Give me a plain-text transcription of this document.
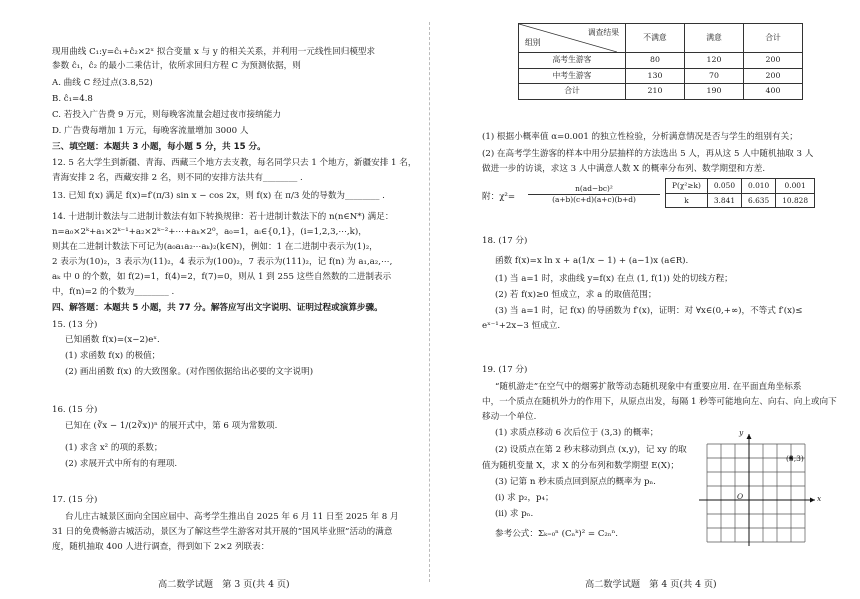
现用曲线 C₁:y=ĉ₁+ĉ₂×2ˣ 拟合变量 x 与 y 的相关关系，并利用一元线性回归模型求
参数 ĉ₁，ĉ₂ 的最小二乘估计，依所求回归方程 C 为预测依据，则
A. 曲线 C 经过点(3.8,52)
B. ĉ₁=4.8
C. 若投入广告费 9 万元，则每晚客流量会超过夜市接纳能力
D. 广告费每增加 1 万元，每晚客流量增加 3000 人
三、填空题：本题共 3 小题，每小题 5 分，共 15 分。
12. 5 名大学生到新疆、青海、西藏三个地方去支教，每名同学只去 1 个地方，新疆安排 1 名，
青海安排 2 名，西藏安排 2 名，则不同的安排方法共有________ .
13. 已知 f(x) 满足 f(x)=f′(π/3) sin x − cos 2x，则 f(x) 在 π/3 处的导数为________ .
14. 十进制计数法与二进制计数法有如下转换规律：若十进制计数法下的 n(n∈N*) 满足：
n=a₀×2ᵏ+a₁×2ᵏ⁻¹+a₂×2ᵏ⁻²+⋯+aₖ×2⁰，a₀=1，aᵢ∈{0,1}，(i=1,2,3,⋯,k)，
则其在二进制计数法下可记为(a₀a₁a₂⋯aₖ)₂(k∈N)，例如：1 在二进制中表示为(1)₂，
2 表示为(10)₂，3 表示为(11)₂，4 表示为(100)₂，7 表示为(111)₂，记 f(n) 为 a₁,a₂,⋯,
aₖ 中 0 的个数，如 f(2)=1，f(4)=2，f(7)=0，则从 1 到 255 这些自然数的二进制表示
中，f(n)=2 的个数为________ .
四、解答题：本题共 5 小题，共 77 分。解答应写出文字说明、证明过程或演算步骤。
15. (13 分)
已知函数 f(x)=(x−2)eˣ.
(1) 求函数 f(x) 的极值；
(2) 画出函数 f(x) 的大致图象。(对作图依据给出必要的文字说明)
16. (15 分)
已知在 (∛x − 1/(2∛x))ⁿ 的展开式中，第 6 项为常数项.
(1) 求含 x² 的项的系数；
(2) 求展开式中所有的有理项.
17. (15 分)
台儿庄古城景区面向全国应届中、高考学生推出自 2025 年 6 月 11 日至 2025 年 8 月
31 日的免费畅游古城活动，景区为了解这些学生游客对其开展的“国风毕业照”活动的满意
度，随机抽取 400 人进行调查，得到如下 2×2 列联表：
高二数学试题　第 3 页(共 4 页)
调查结果
组别	不满意	满意	合计
高考生游客	80	120	200
中考生游客	130	70	200
合计	210	190	400
(1) 根据小概率值 α=0.001 的独立性检验，分析满意情况是否与学生的组别有关；
(2) 在高考学生游客的样本中用分层抽样的方法选出 5 人，再从这 5 人中随机抽取 3 人
做进一步的访谈，求这 3 人中满意人数 X 的概率分布列、数学期望和方差.
附：$\chi^2= \frac{\text{n(ad−bc)²}}{(a+b)(c+d)(a+c)(b+d)} P(\chi^2\ge k)$	0.050	0.010	0.001
k	3.841	6.635	10.828
18. (17 分)
函数 f(x)=x ln x + a(1/x − 1) + (a−1)x (a∈R).
(1) 当 a=1 时，求曲线 y=f(x) 在点 (1, f(1)) 处的切线方程；
(2) 若 f(x)≥0 恒成立，求 a 的取值范围；
(3) 当 a=1 时，记 f(x) 的导函数为 f′(x)，证明：对 ∀x∈(0,+∞)，不等式 f′(x)≤
eˣ⁻¹+2x−3 恒成立.
19. (17 分)
“随机游走”在空气中的烟雾扩散等动态随机现象中有重要应用. 在平面直角坐标系
中，一个质点在随机外力的作用下，从原点出发，每隔 1 秒等可能地向左、向右、向上或向下
移动一个单位.
(1) 求质点移动 6 次后位于 (3,3) 的概率；
(2) 设质点在第 2 秒末移动到点 (x,y)，记 xy 的取
值为随机变量 X，求 X 的分布列和数学期望 E(X)；
(3) 记第 n 秒末质点回到原点的概率为 pₙ.
(i) 求 p₂，p₄；
(ii) 求 pₙ.
参考公式：Σₖ₌₀ⁿ (Cₙᵏ)² = C₂ₙⁿ.
(3,3)
y
x
O
高二数学试题　第 4 页(共 4 页)
